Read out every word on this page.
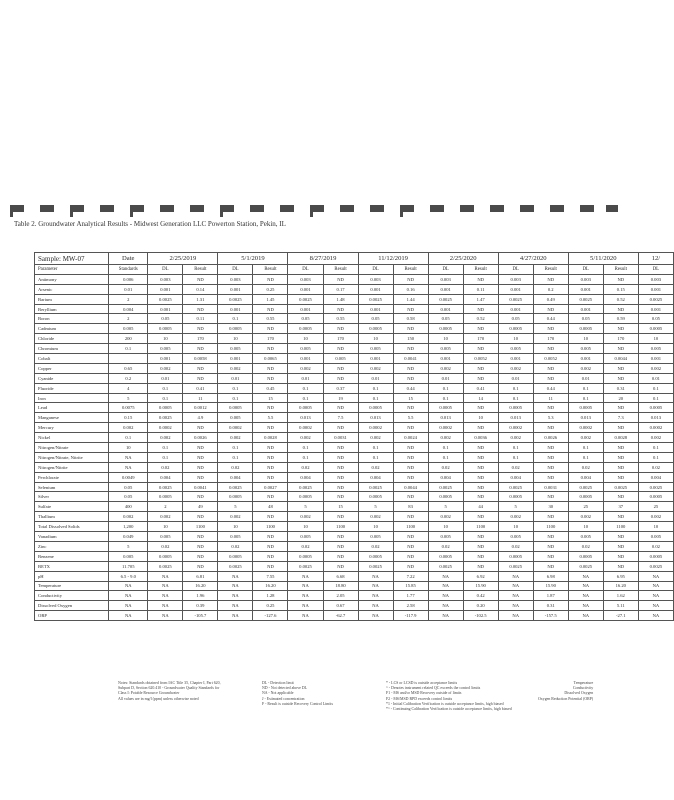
Table 2. Groundwater Analytical Results - Midwest Generation LLC Powerton Station, Pekin, IL
Sample: MW-07	Date	2/25/2019		5/1/2019		8/27/2019		11/12/2019		2/25/2020		4/27/2020		5/11/2020		12/
Parameter	Standards	DL	Result	DL	Result	DL	Result	DL	Result	DL	Result	DL	Result	DL	Result	DL
Antimony	0.006	0.003	ND	0.003	ND	0.003	ND	0.003	ND	0.003	ND	0.003	ND	0.003	ND	0.003
Arsenic	0.01	0.001	0.14	0.001	0.25	0.001	0.17	0.001	0.16	0.001	0.11	0.001	0.2	0.001	0.15	0.001
Barium	2	0.0025	1.31	0.0025	1.45	0.0025	1.48	0.0025	1.44	0.0025	1.47	0.0025	0.49	0.0025	0.52	0.0025
Beryllium	0.004	0.001	ND	0.001	ND	0.001	ND	0.001	ND	0.001	ND	0.001	ND	0.001	ND	0.001
Boron	2	0.05	0.11	0.1	0.55	0.05	0.55	0.05	0.58	0.05	0.52	0.05	0.44	0.05	0.59	0.05
Cadmium	0.005	0.0005	ND	0.0005	ND	0.0005	ND	0.0005	ND	0.0005	ND	0.0005	ND	0.0005	ND	0.0005
Chloride	200	10	170	10	170	10	170	10	150	10	170	10	170	10	170	10
Chromium	0.1	0.005	ND	0.005	ND	0.005	ND	0.005	ND	0.005	ND	0.005	ND	0.005	ND	0.005
Cobalt		0.001	0.0058	0.001	0.0065	0.001	0.005	0.001	0.0041	0.001	0.0052	0.001	0.0052	0.001	0.0044	0.001
Copper	0.65	0.002	ND	0.002	ND	0.002	ND	0.002	ND	0.002	ND	0.002	ND	0.002	ND	0.002
Cyanide	0.2	0.01	ND	0.01	ND	0.01	ND	0.01	ND	0.01	ND	0.01	ND	0.01	ND	0.01
Fluoride	4	0.1	0.41	0.1	0.45	0.1	0.37	0.1	0.44	0.1	0.41	0.1	0.44	0.1	0.31	0.1
Iron	5	0.1	11	0.1	15	0.1	19	0.1	15	0.1	14	0.1	11	0.1	20	0.1
Lead	0.0075	0.0005	0.0012	0.0005	ND	0.0005	ND	0.0005	ND	0.0005	ND	0.0005	ND	0.0005	ND	0.0005
Manganese	0.15	0.0025	4.9	0.005	5.5	0.013	7.5	0.013	5.5	0.013	10	0.013	5.3	0.013	7.3	0.013
Mercury	0.002	0.0002	ND	0.0002	ND	0.0002	ND	0.0002	ND	0.0002	ND	0.0002	ND	0.0002	ND	0.0002
Nickel	0.1	0.002	0.0026	0.002	0.0028	0.002	0.0031	0.002	0.0024	0.002	0.0036	0.002	0.0026	0.002	0.0028	0.002
Nitrogen/Nitrate	10	0.1	ND	0.1	ND	0.1	ND	0.1	ND	0.1	ND	0.1	ND	0.1	ND	0.1
Nitrogen/Nitrate, Nitrite	NA	0.1	ND	0.1	ND	0.1	ND	0.1	ND	0.1	ND	0.1	ND	0.1	ND	0.1
Nitrogen/Nitrite	NA	0.02	ND	0.02	ND	0.02	ND	0.02	ND	0.02	ND	0.02	ND	0.02	ND	0.02
Perchlorate	0.0049	0.004	ND	0.004	ND	0.004	ND	0.004	ND	0.004	ND	0.004	ND	0.004	ND	0.004
Selenium	0.05	0.0025	0.0041	0.0025	0.0027	0.0025	ND	0.0025	0.0044	0.0025	ND	0.0025	0.0031	0.0025	0.0025	0.0025
Silver	0.05	0.0005	ND	0.0005	ND	0.0005	ND	0.0005	ND	0.0005	ND	0.0005	ND	0.0005	ND	0.0005
Sulfate	400	2	49	5	48	5	15	5	83	5	44	5	30	25	37	25
Thallium	0.002	0.002	ND	0.002	ND	0.002	ND	0.002	ND	0.002	ND	0.002	ND	0.002	ND	0.002
Total Dissolved Solids	1,200	10	1100	10	1100	10	1100	10	1100	10	1100	10	1100	10	1100	10
Vanadium	0.049	0.005	ND	0.005	ND	0.005	ND	0.005	ND	0.005	ND	0.005	ND	0.005	ND	0.005
Zinc	5	0.02	ND	0.02	ND	0.02	ND	0.02	ND	0.02	ND	0.02	ND	0.02	ND	0.02
Benzene	0.005	0.0005	ND	0.0005	ND	0.0005	ND	0.0005	ND	0.0005	ND	0.0005	ND	0.0005	ND	0.0005
BETX	11.705	0.0025	ND	0.0025	ND	0.0025	ND	0.0025	ND	0.0025	ND	0.0025	ND	0.0025	ND	0.0025
pH	6.5 - 9.0	NA	6.81	NA	7.55	NA	6.68	NA	7.22	NA	6.92	NA	6.98	NA	6.95	NA
Temperature	NA	NA	16.20	NA	16.20	NA	18.80	NA	15.85	NA	15.90	NA	15.90	NA	16.20	NA
Conductivity	NA	NA	1.96	NA	1.28	NA	2.05	NA	1.77	NA	0.42	NA	1.87	NA	1.62	NA
Dissolved Oxygen	NA	NA	0.39	NA	0.25	NA	0.67	NA	2.58	NA	0.20	NA	0.31	NA	5.11	NA
ORP	NA	NA	-105.7	NA	-127.6	NA	-62.7	NA	-117.9	NA	-102.5	NA	-157.5	NA	-27.1	NA
Notes: Standards obtained from IAC Title 35, Chapter I, Part 620,
Subpart D, Section 620.410 - Groundwater Quality Standards for
Class I: Potable Resource Groundwater
All values are in mg/l (ppm) unless otherwise noted
DL - Detection limit
ND - Not detected above DL
NA - Not applicable
J - Estimated concentration
F - Result is outside Recovery Control Limits
* - LCS or LCSD is outside acceptance limits
^ - Denotes instrument related QC exceeds the control limits
F1 - MS and/or MSD Recovery outside of limits
F2 - MS/MSD RPD exceeds control limits
*1 - Initial Calibration Verification is outside acceptance limits, high biased
*^ - Continuing Calibration Verification is outside acceptance limits, high biased
Temperature
Conductivity
Dissolved Oxygen
Oxygen Reduction Potential (ORP)
